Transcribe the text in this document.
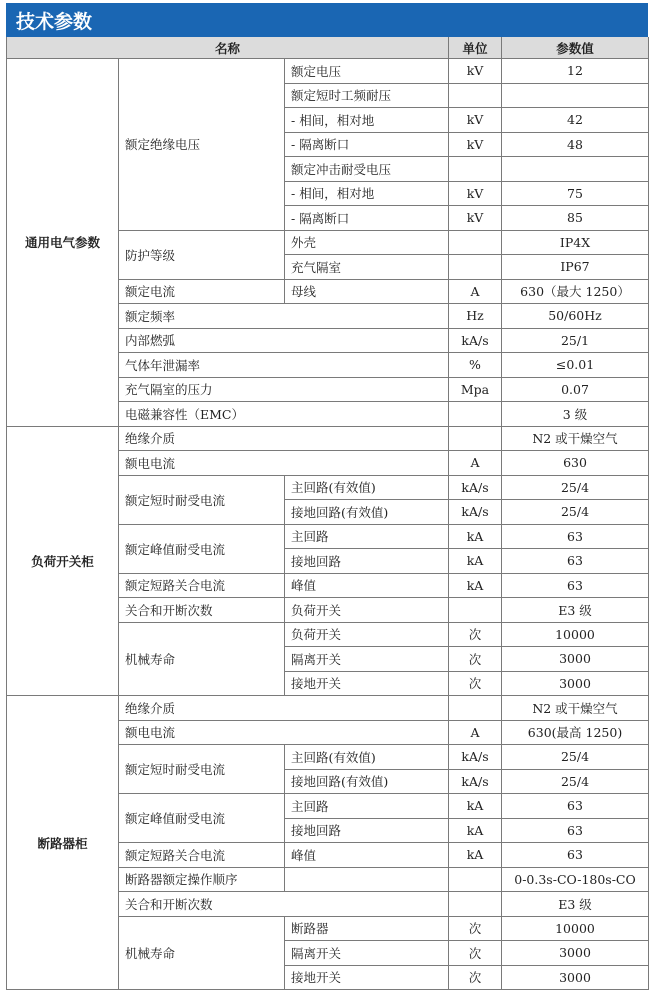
技术参数
名称			单位	参数值
通用电气参数	额定绝缘电压	额定电压	kV	12
		额定短时工频耐压		
		- 相间，相对地	kV	42
		- 隔离断口	kV	48
		额定冲击耐受电压		
		- 相间，相对地	kV	75
		- 隔离断口	kV	85
	防护等级	外壳		IP4X
		充气隔室		IP67
	额定电流	母线	A	630（最大 1250）
	额定频率		Hz	50/60Hz
	内部燃弧		kA/s	25/1
	气体年泄漏率		%	≤0.01
	充气隔室的压力		Mpa	0.07
	电磁兼容性（EMC）			3 级
负荷开关柜	绝缘介质			N2 或干燥空气
	额电电流		A	630
	额定短时耐受电流	主回路(有效值)	kA/s	25/4
		接地回路(有效值)	kA/s	25/4
	额定峰值耐受电流	主回路	kA	63
		接地回路	kA	63
	额定短路关合电流	峰值	kA	63
	关合和开断次数	负荷开关		E3 级
	机械寿命	负荷开关	次	10000
		隔离开关	次	3000
		接地开关	次	3000
断路器柜	绝缘介质			N2 或干燥空气
	额电电流		A	630(最高 1250)
	额定短时耐受电流	主回路(有效值)	kA/s	25/4
		接地回路(有效值)	kA/s	25/4
	额定峰值耐受电流	主回路	kA	63
		接地回路	kA	63
	额定短路关合电流	峰值	kA	63
	断路器额定操作顺序			0-0.3s-CO-180s-CO
	关合和开断次数			E3 级
	机械寿命	断路器	次	10000
		隔离开关	次	3000
		接地开关	次	3000
